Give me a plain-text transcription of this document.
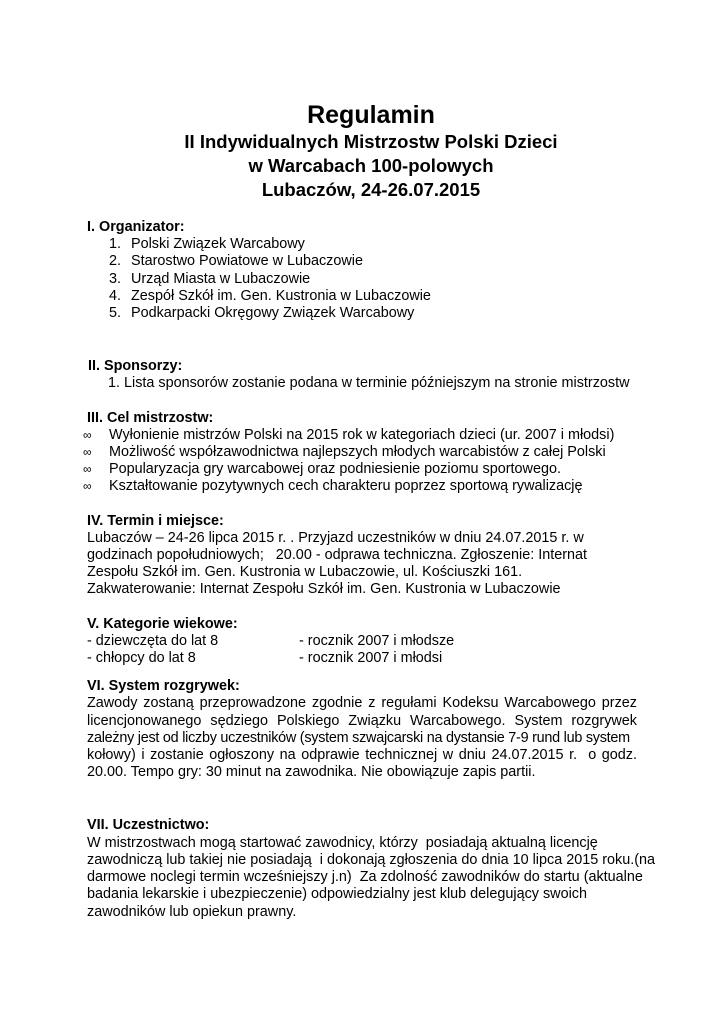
Regulamin
II Indywidualnych Mistrzostw Polski Dzieci
w Warcabach 100-polowych
Lubaczów, 24-26.07.2015

I. Organizator:

1. Polski Związek Warcabowy
2. Starostwo Powiatowe w Lubaczowie
3. Urząd Miasta w Lubaczowie
4. Zespół Szkół im. Gen. Kustronia w Lubaczowie
5. Podkarpacki Okręgowy Związek Warcabowy

II. Sponsorzy:

1. Lista sponsorów zostanie podana w terminie późniejszym na stronie mistrzostw

III. Cel mistrzostw:

∞ Wyłonienie mistrzów Polski na 2015 rok w kategoriach dzieci (ur. 2007 i młodsi)
∞ Możliwość współzawodnictwa najlepszych młodych warcabistów z całej Polski
∞ Popularyzacja gry warcabowej oraz podniesienie poziomu sportowego.
∞ Kształtowanie pozytywnych cech charakteru poprzez sportową rywalizację

IV. Termin i miejsce:

Lubaczów – 24-26 lipca 2015 r. . Przyjazd uczestników w dniu 24.07.2015 r. w
godzinach popołudniowych;   20.00 - odprawa techniczna. Zgłoszenie: Internat
Zespołu Szkół im. Gen. Kustronia w Lubaczowie, ul. Kościuszki 161.
Zakwaterowanie: Internat Zespołu Szkół im. Gen. Kustronia w Lubaczowie

V. Kategorie wiekowe:

- dziewczęta do lat 8	- rocznik 2007 i młodsze
- chłopcy do lat 8	- rocznik 2007 i młodsi

VI. System rozgrywek:

Zawody zostaną przeprowadzone zgodnie z regułami Kodeksu Warcabowego przez
licencjonowanego sędziego Polskiego Związku Warcabowego. System rozgrywek
zależny jest od liczby uczestników (system szwajcarski na dystansie 7-9 rund lub system
kołowy) i zostanie ogłoszony na odprawie technicznej w dniu 24.07.2015 r.  o godz.
20.00. Tempo gry: 30 minut na zawodnika. Nie obowiązuje zapis partii.

VII. Uczestnictwo:

W mistrzostwach mogą startować zawodnicy, którzy  posiadają aktualną licencję
zawodniczą lub takiej nie posiadają  i dokonają zgłoszenia do dnia 10 lipca 2015 roku.(na
darmowe noclegi termin wcześniejszy j.n)  Za zdolność zawodników do startu (aktualne
badania lekarskie i ubezpieczenie) odpowiedzialny jest klub delegujący swoich
zawodników lub opiekun prawny.
